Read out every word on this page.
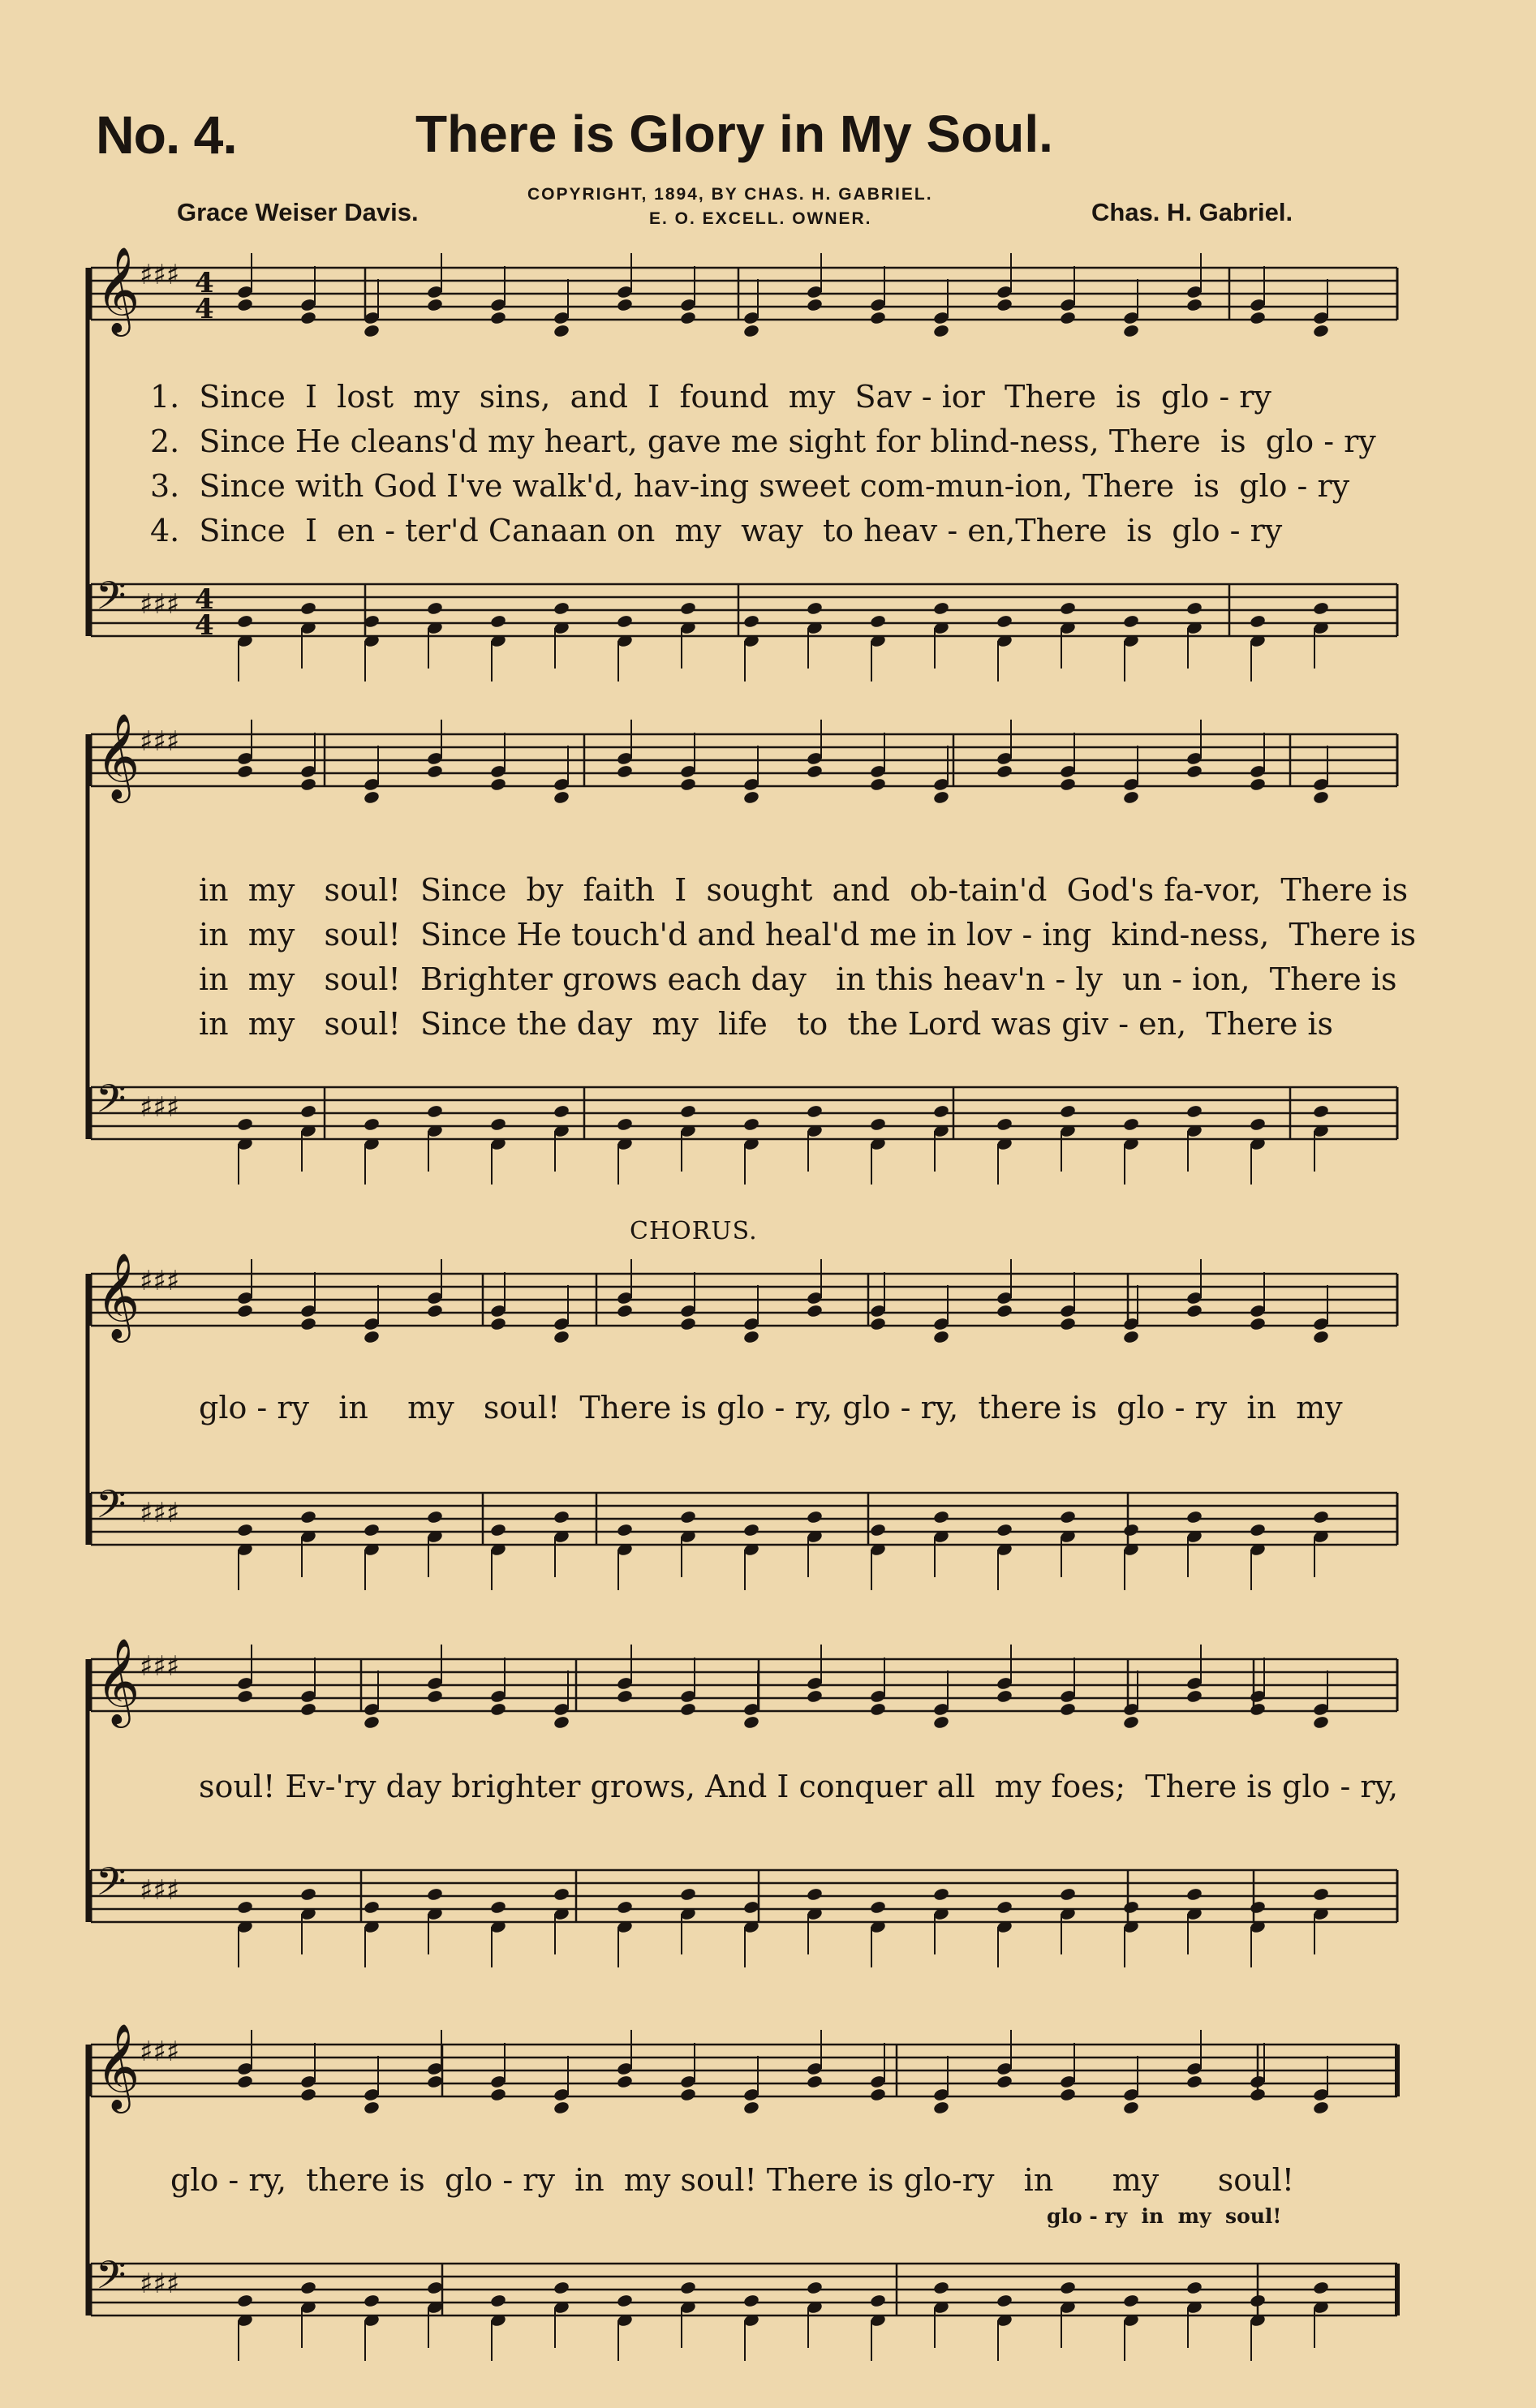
No. 4.	There is Glory in My Soul.
Grace Weiser Davis.
COPYRIGHT, 1894, BY CHAS. H. GABRIEL.
E. O. EXCELL. OWNER.	Chas. H. Gabriel.
𝄞 ♯♯♯
𝄢 ♯♯♯
𝄞 ♯♯♯
𝄢 ♯♯♯
𝄞 ♯♯♯
𝄢 ♯♯♯
𝄞 ♯♯♯
𝄢 ♯♯♯
𝄞 ♯♯♯
𝄢 ♯♯♯
4
4
4
4
1.  Since  I  lost  my  sins,  and  I  found  my  Sav - ior  There  is  glo - ry
2.  Since He cleans'd my heart, gave me sight for blind-ness, There  is  glo - ry
3.  Since with God I've walk'd, hav-ing sweet com-mun-ion, There  is  glo - ry
4.  Since  I  en - ter'd Canaan on  my  way  to heav - en,There  is  glo - ry
in  my   soul!  Since  by  faith  I  sought  and  ob-tain'd  God's fa-vor,  There is
in  my   soul!  Since He touch'd and heal'd me in lov - ing  kind-ness,  There is
in  my   soul!  Brighter grows each day   in this heav'n - ly  un - ion,  There is
in  my   soul!  Since the day  my  life   to  the Lord was giv - en,  There is
CHORUS.
glo - ry   in    my   soul!  There is glo - ry, glo - ry,  there is  glo - ry  in  my
soul! Ev-'ry day brighter grows, And I conquer all  my foes;  There is glo - ry,
glo - ry,  there is  glo - ry  in  my soul! There is glo-ry   in      my      soul!
glo - ry  in  my  soul!
